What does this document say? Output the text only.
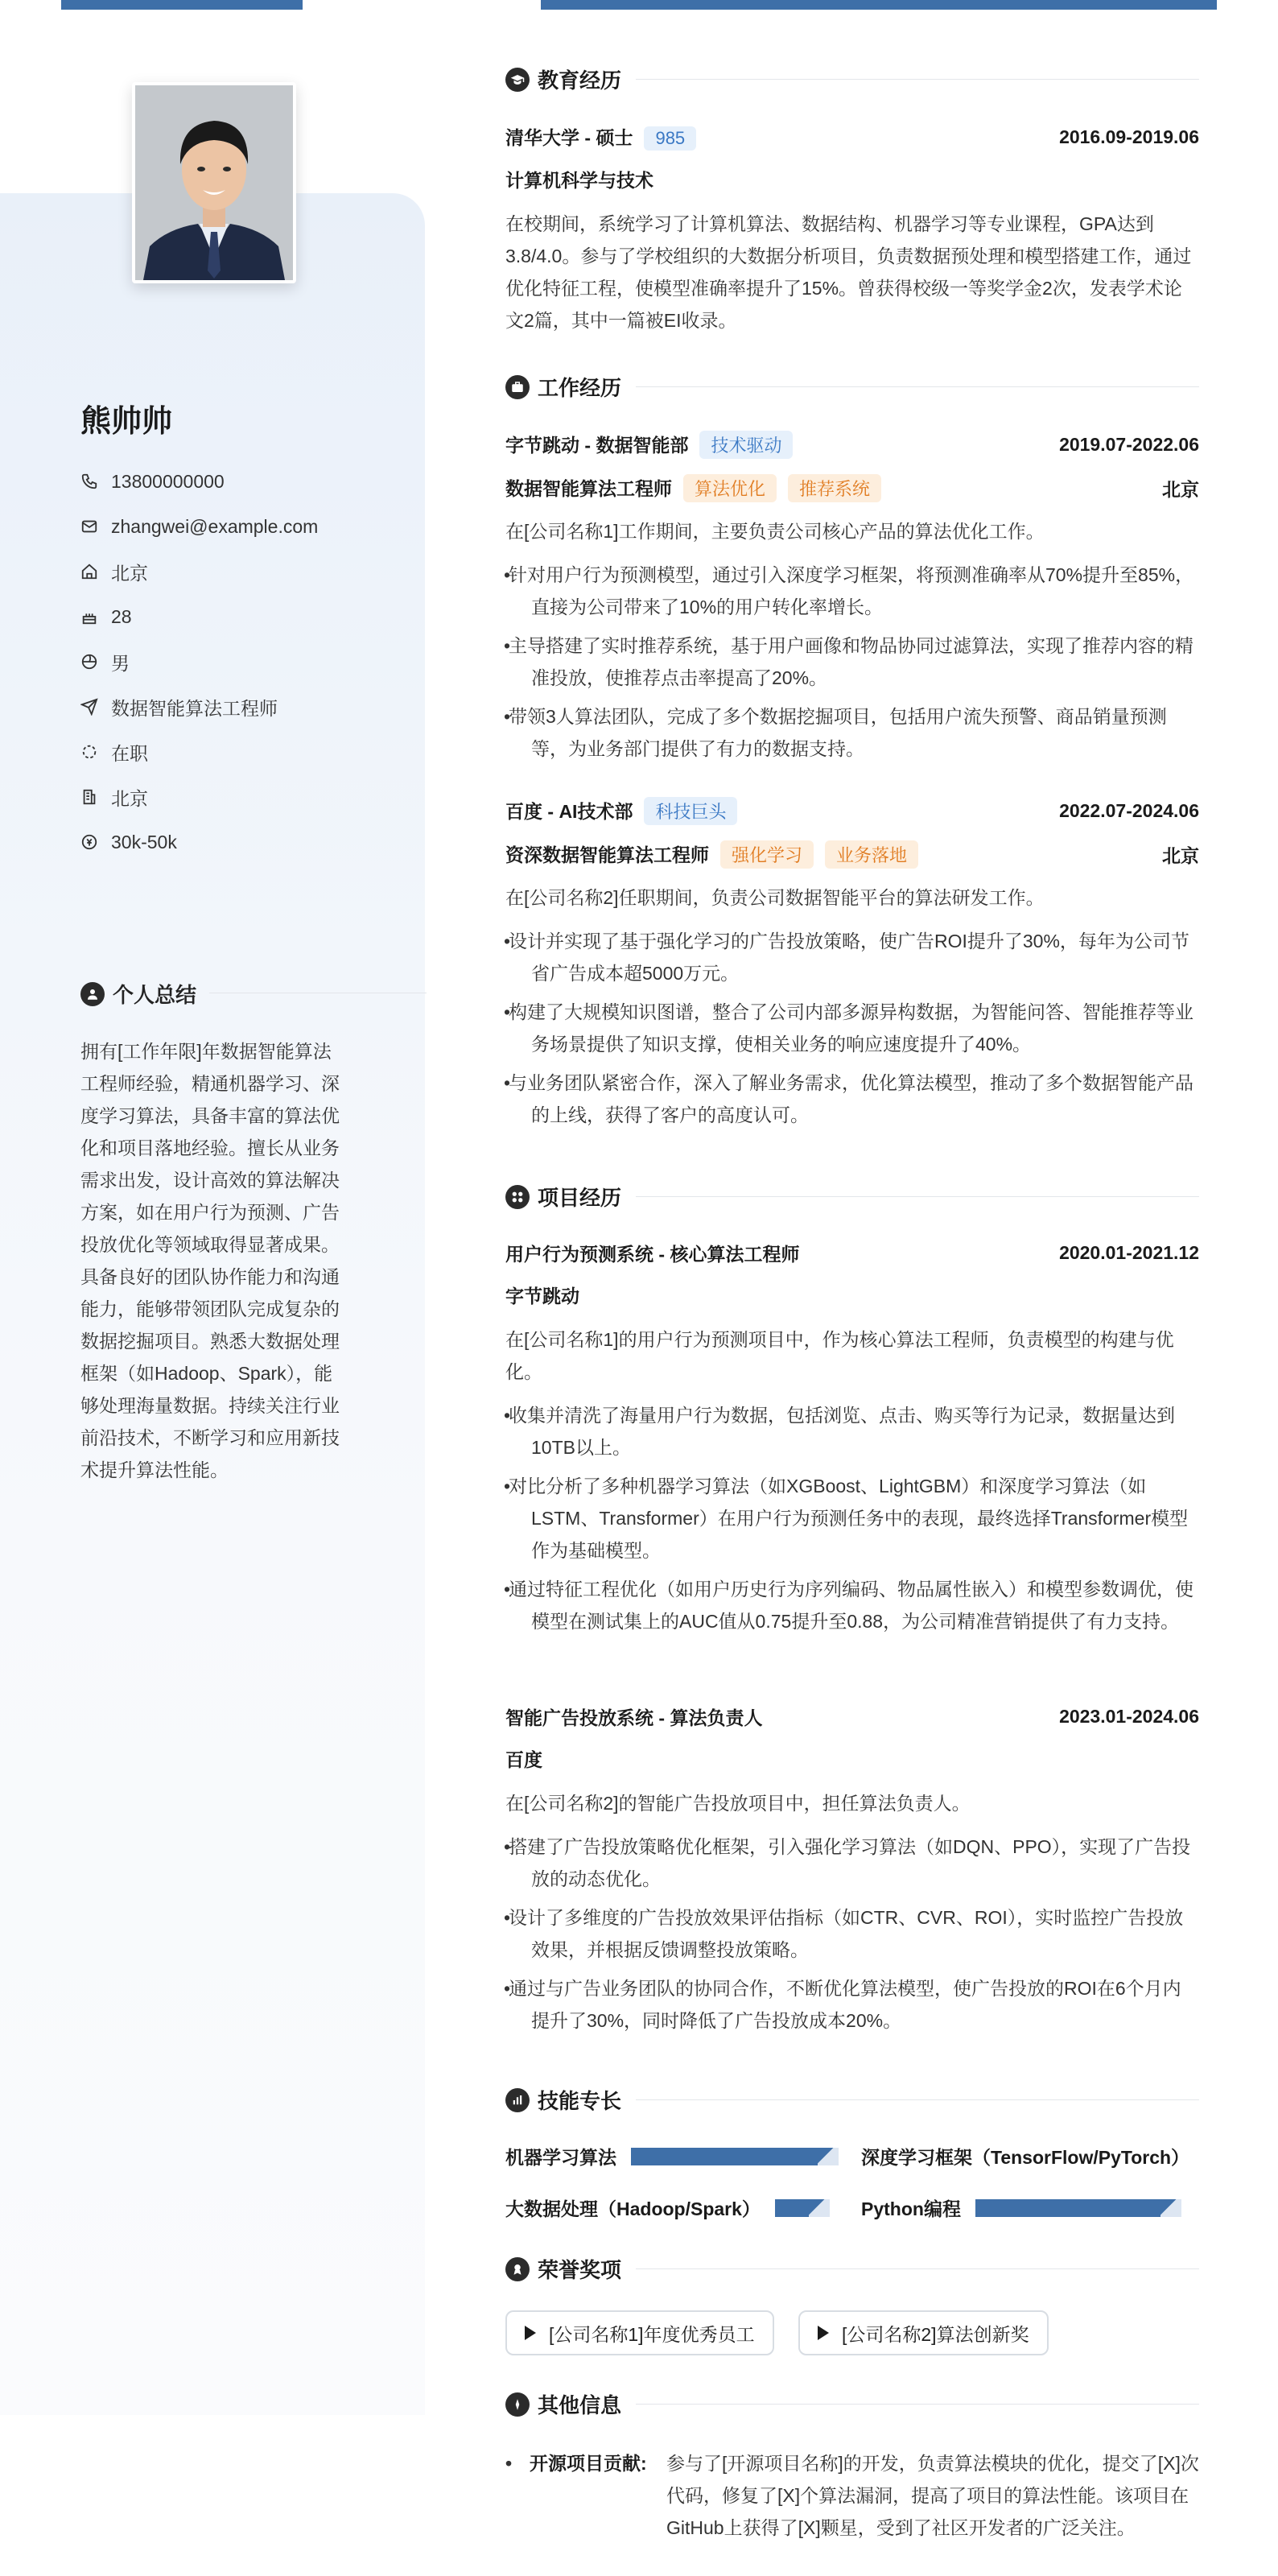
熊帅帅
13800000000
zhangwei@example.com
北京
28
男
数据智能算法工程师
在职
北京
30k-50k
个人总结
拥有[工作年限]年数据智能算法工程师经验，精通机器学习、深度学习算法，具备丰富的算法优化和项目落地经验。擅长从业务需求出发，设计高效的算法解决方案，如在用户行为预测、广告投放优化等领域取得显著成果。具备良好的团队协作能力和沟通能力，能够带领团队完成复杂的数据挖掘项目。熟悉大数据处理框架（如Hadoop、Spark），能够处理海量数据。持续关注行业前沿技术，不断学习和应用新技术提升算法性能。
教育经历
清华大学 - 硕士 985	2016.09-2019.06
计算机科学与技术
在校期间，系统学习了计算机算法、数据结构、机器学习等专业课程，GPA达到3.8/4.0。参与了学校组织的大数据分析项目，负责数据预处理和模型搭建工作，通过优化特征工程，使模型准确率提升了15%。曾获得校级一等奖学金2次，发表学术论文2篇，其中一篇被EI收录。
工作经历
字节跳动 - 数据智能部 技术驱动	2019.07-2022.06
数据智能算法工程师 算法优化 推荐系统	北京
在[公司名称1]工作期间，主要负责公司核心产品的算法优化工作。
• 针对用户行为预测模型，通过引入深度学习框架，将预测准确率从70%提升至85%，直接为公司带来了10%的用户转化率增长。
• 主导搭建了实时推荐系统，基于用户画像和物品协同过滤算法，实现了推荐内容的精准投放，使推荐点击率提高了20%。
• 带领3人算法团队，完成了多个数据挖掘项目，包括用户流失预警、商品销量预测等，为业务部门提供了有力的数据支持。
百度 - AI技术部 科技巨头	2022.07-2024.06
资深数据智能算法工程师 强化学习 业务落地	北京
在[公司名称2]任职期间，负责公司数据智能平台的算法研发工作。
• 设计并实现了基于强化学习的广告投放策略，使广告ROI提升了30%，每年为公司节省广告成本超5000万元。
• 构建了大规模知识图谱，整合了公司内部多源异构数据，为智能问答、智能推荐等业务场景提供了知识支撑，使相关业务的响应速度提升了40%。
• 与业务团队紧密合作，深入了解业务需求，优化算法模型，推动了多个数据智能产品的上线，获得了客户的高度认可。
项目经历
用户行为预测系统 - 核心算法工程师	2020.01-2021.12
字节跳动
在[公司名称1]的用户行为预测项目中，作为核心算法工程师，负责模型的构建与优化。
• 收集并清洗了海量用户行为数据，包括浏览、点击、购买等行为记录，数据量达到10TB以上。
• 对比分析了多种机器学习算法（如XGBoost、LightGBM）和深度学习算法（如LSTM、Transformer）在用户行为预测任务中的表现，最终选择Transformer模型作为基础模型。
• 通过特征工程优化（如用户历史行为序列编码、物品属性嵌入）和模型参数调优，使模型在测试集上的AUC值从0.75提升至0.88，为公司精准营销提供了有力支持。
智能广告投放系统 - 算法负责人	2023.01-2024.06
百度
在[公司名称2]的智能广告投放项目中，担任算法负责人。
• 搭建了广告投放策略优化框架，引入强化学习算法（如DQN、PPO），实现了广告投放的动态优化。
• 设计了多维度的广告投放效果评估指标（如CTR、CVR、ROI），实时监控广告投放效果，并根据反馈调整投放策略。
• 通过与广告业务团队的协同合作，不断优化算法模型，使广告投放的ROI在6个月内提升了30%，同时降低了广告投放成本20%。
技能专长
机器学习算法	深度学习框架（TensorFlow/PyTorch）
大数据处理（Hadoop/Spark）	Python编程
荣誉奖项
[公司名称1]年度优秀员工	[公司名称2]算法创新奖
其他信息
• 开源项目贡献:	参与了[开源项目名称]的开发，负责算法模块的优化，提交了[X]次代码，修复了[X]个算法漏洞，提高了项目的算法性能。该项目在GitHub上获得了[X]颗星，受到了社区开发者的广泛关注。
